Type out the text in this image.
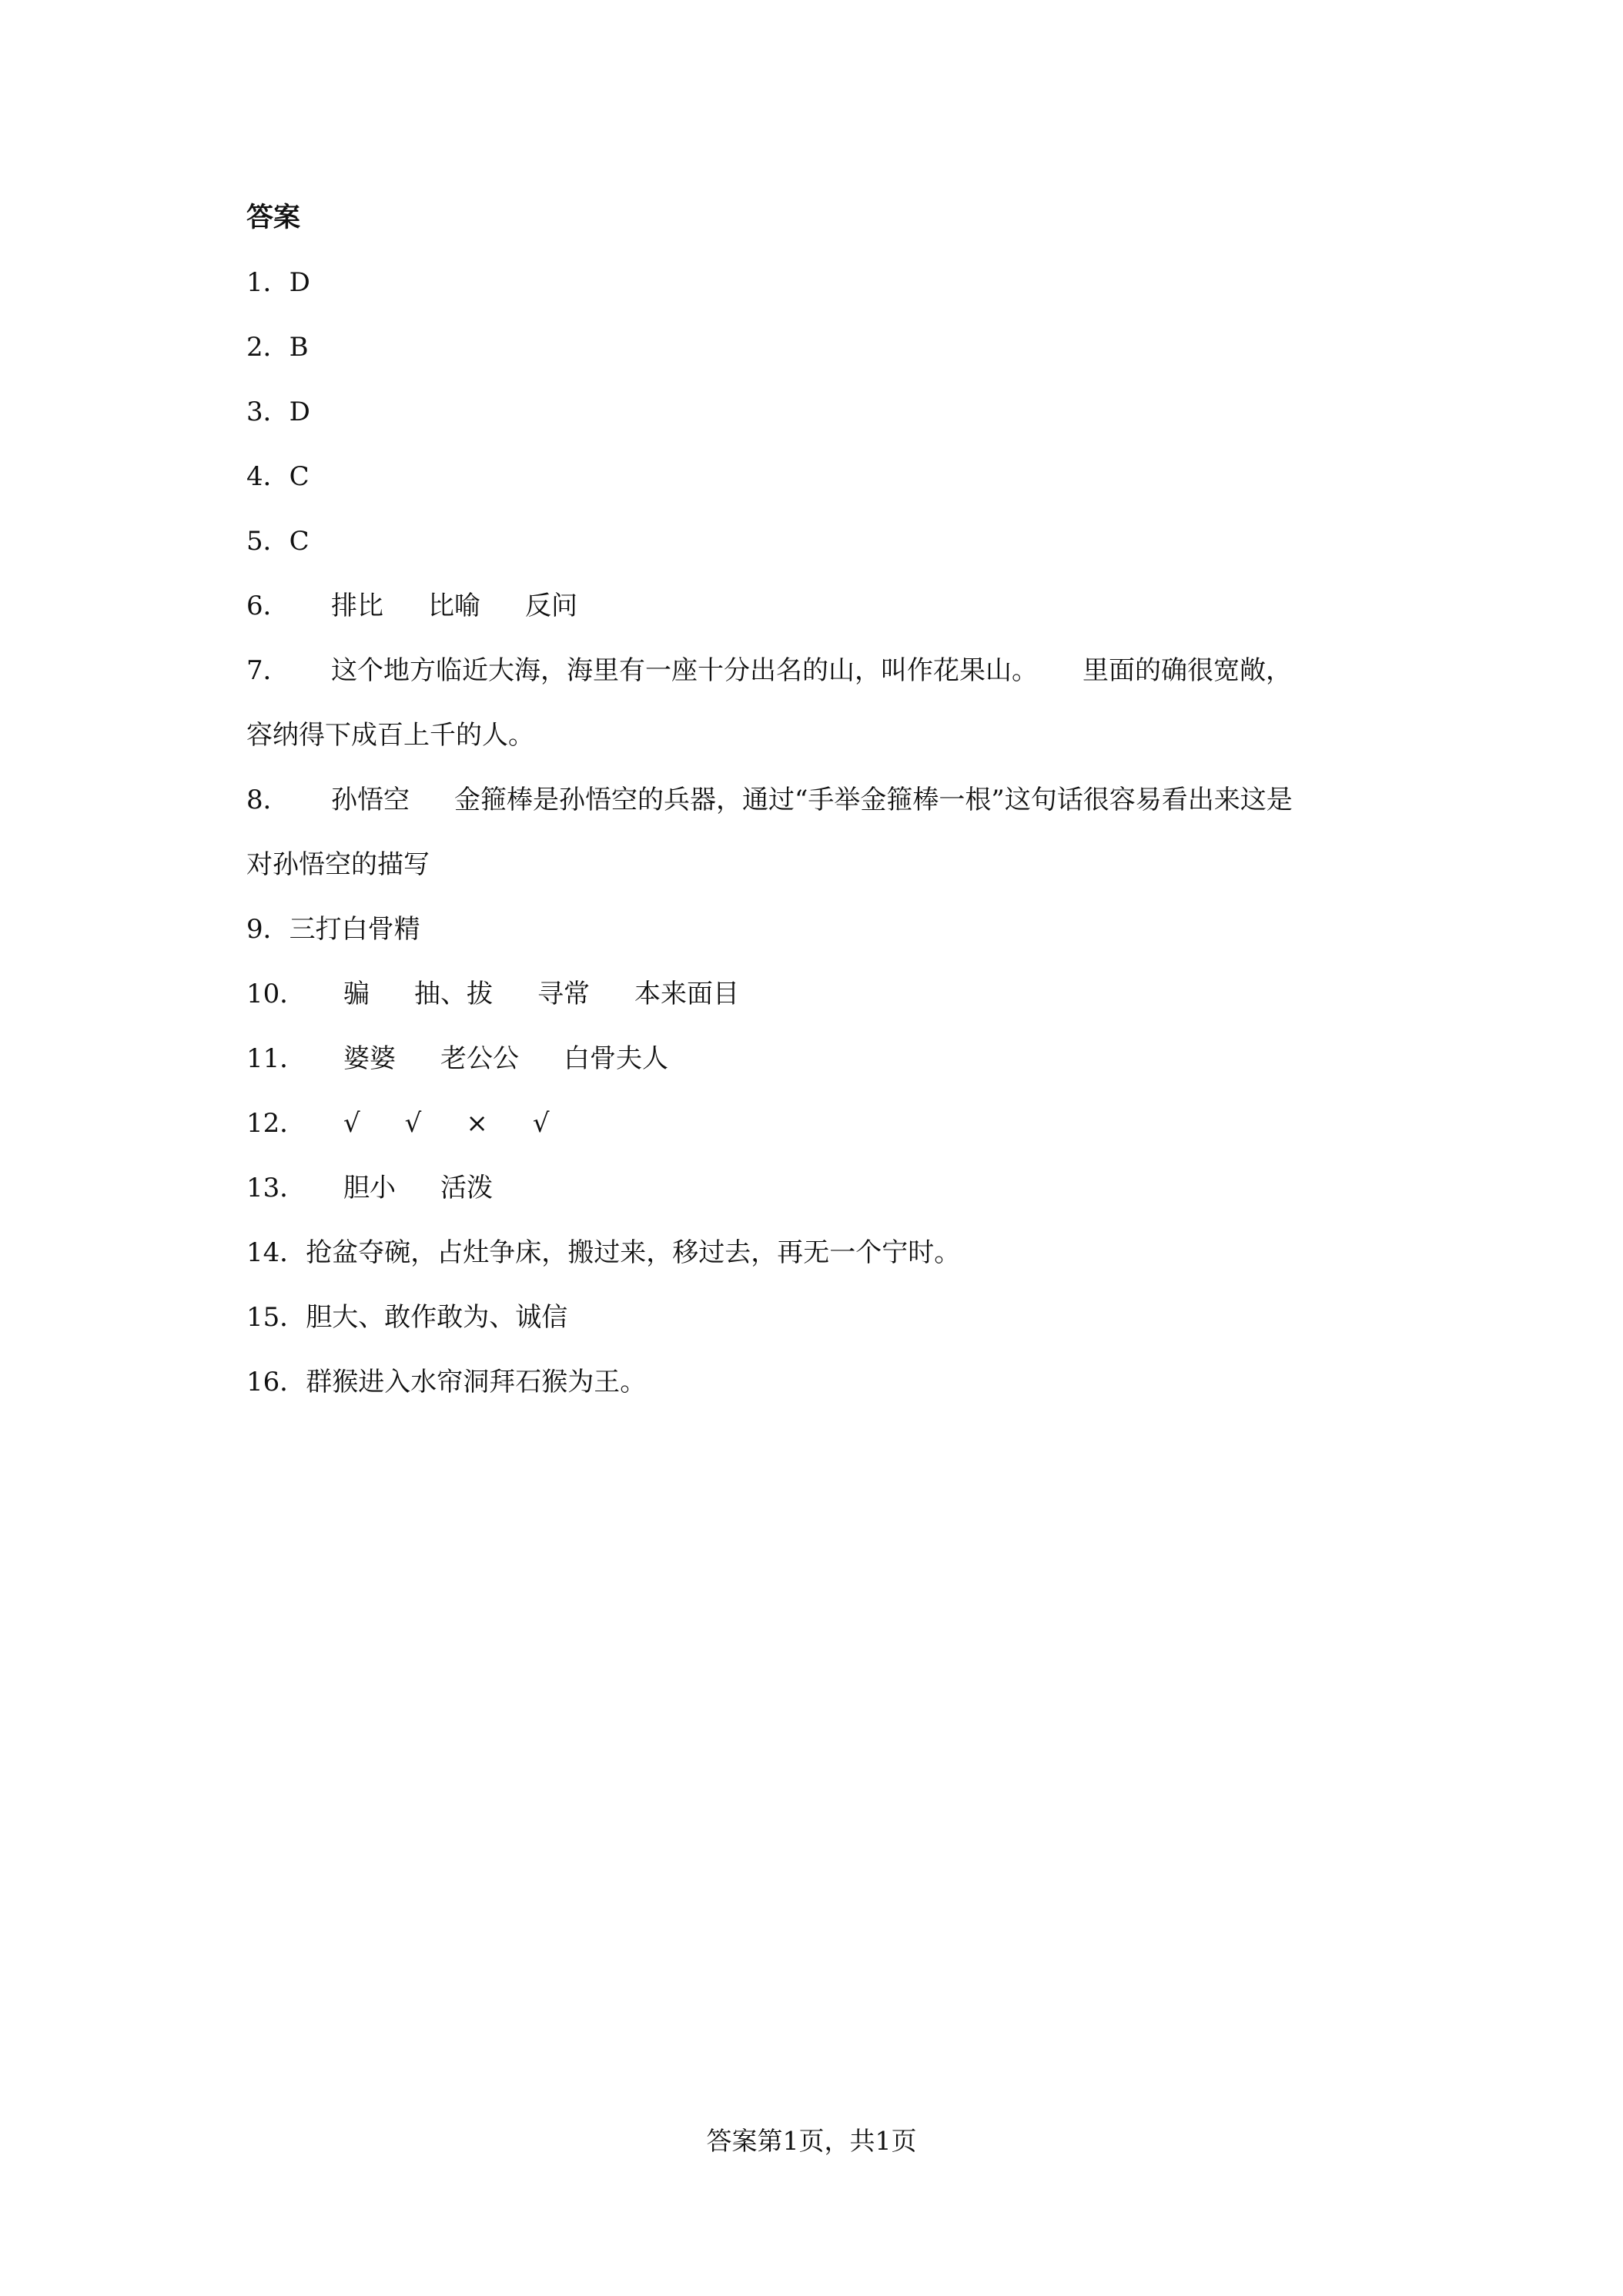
答案
1．D
2．B
3．D
4．C
5．C
6． 排比 比喻 反问
7． 这个地方临近大海，海里有一座十分出名的山，叫作花果山。 里面的确很宽敞，
容纳得下成百上千的人。
8． 孙悟空 金箍棒是孙悟空的兵器，通过“手举金箍棒一根”这句话很容易看出来这是
对孙悟空的描写
9．三打白骨精
10． 骗 抽、拔 寻常 本来面目
11． 婆婆 老公公 白骨夫人
12． √ √ × √
13． 胆小 活泼
14．抢盆夺碗，占灶争床，搬过来，移过去，再无一个宁时。
15．胆大、敢作敢为、诚信
16．群猴进入水帘洞拜石猴为王。
答案第1页，共1页
